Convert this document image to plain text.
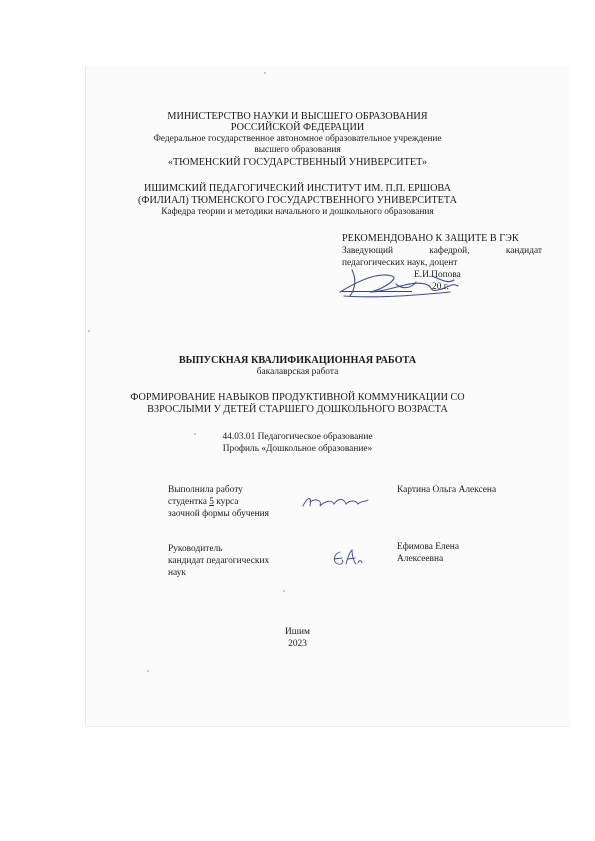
МИНИСТЕРСТВО НАУКИ И ВЫСШЕГО ОБРАЗОВАНИЯ
РОССИЙСКОЙ ФЕДЕРАЦИИ
Федеральное государственное автономное образовательное учреждение
высшего образования
«ТЮМЕНСКИЙ ГОСУДАРСТВЕННЫЙ УНИВЕРСИТЕТ»
ИШИМСКИЙ ПЕДАГОГИЧЕСКИЙ ИНСТИТУТ ИМ. П.П. ЕРШОВА
(ФИЛИАЛ) ТЮМЕНСКОГО ГОСУДАРСТВЕННОГО УНИВЕРСИТЕТА
Кафедра теории и методики начального и дошкольного образования
РЕКОМЕНДОВАНО К ЗАЩИТЕ В ГЭК
Заведующий	кафедрой,	кандидат
педагогических наук, доцент
Е.И.Попова
20 г.
ВЫПУСКНАЯ КВАЛИФИКАЦИОННАЯ РАБОТА
бакалаврская работа
ФОРМИРОВАНИЕ НАВЫКОВ ПРОДУКТИВНОЙ КОММУНИКАЦИИ СО
ВЗРОСЛЫМИ У ДЕТЕЙ СТАРШЕГО ДОШКОЛЬНОГО ВОЗРАСТА
44.03.01 Педагогическое образование
Профиль «Дошкольное образование»
Выполнила работу
студентка 5 курса
заочной формы обучения
Картина Ольга Алексена
Руководитель
кандидат педагогических
наук
Ефимова Елена
Алексеевна
Ишим
2023
